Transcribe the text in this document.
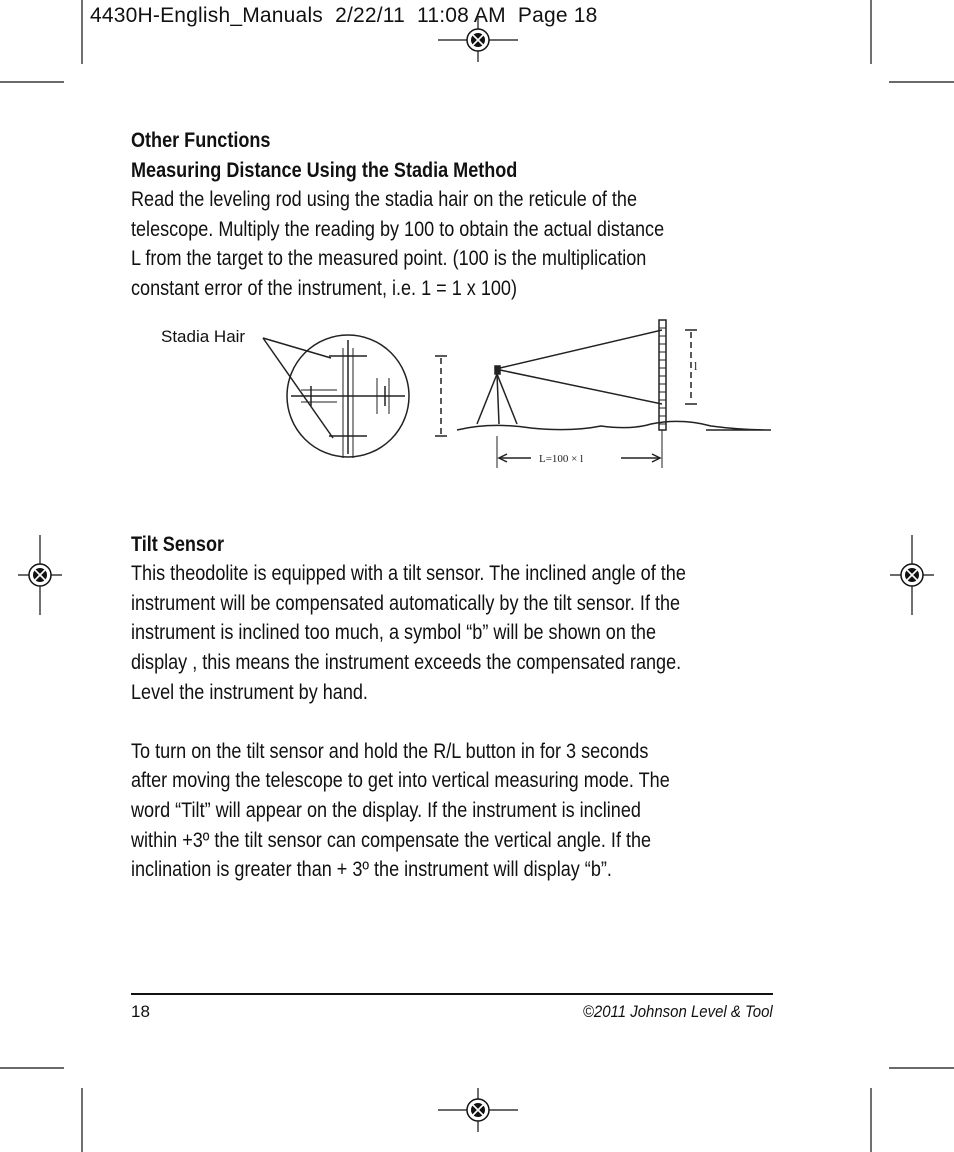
4430H-English_Manuals  2/22/11  11:08 AM  Page 18
Other Functions
Measuring Distance Using the Stadia Method

Read the leveling rod using the stadia hair on the reticule of the
telescope. Multiply the reading by 100 to obtain the actual distance
L from the target to the measured point. (100 is the multiplication
constant error of the instrument, i.e. 1 = 1 x 100)

Stadia Hair
l
L=100 × l
Tilt Sensor

This theodolite is equipped with a tilt sensor. The inclined angle of the
instrument will be compensated automatically by the tilt sensor. If the
instrument is inclined too much, a symbol “b” will be shown on the
display , this means the instrument exceeds the compensated range.
Level the instrument by hand.

To turn on the tilt sensor and hold the R/L button in for 3 seconds
after moving the telescope to get into vertical measuring mode. The
word “Tilt” will appear on the display. If the instrument is inclined
within +3º the tilt sensor can compensate the vertical angle. If the
inclination is greater than + 3º the instrument will display “b”.

18	©2011 Johnson Level & Tool
